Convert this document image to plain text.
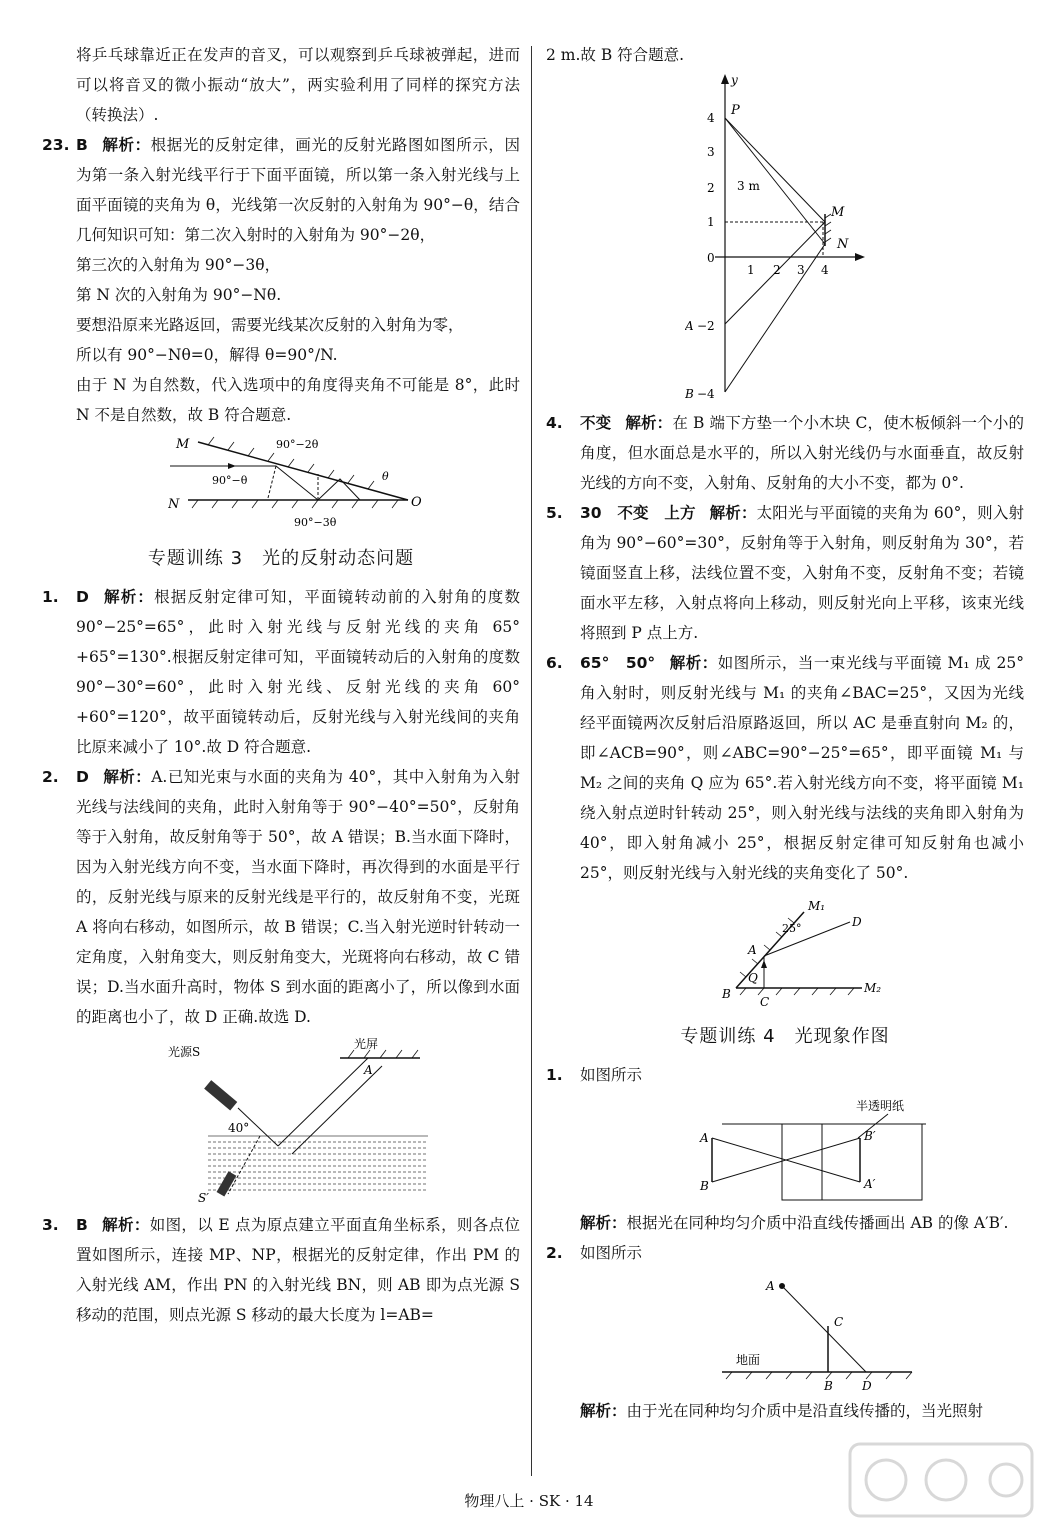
将乒乓球靠近正在发声的音叉，可以观察到乒乓球被弹起，进而可以将音叉的微小振动“放大”，两实验利用了同样的探究方法（转换法）.

23. B 解析：根据光的反射定律，画光的反射光路图如图所示，因为第一条入射光线平行于下面平面镜，所以第一条入射光线与上面平面镜的夹角为 θ，光线第一次反射的入射角为 90°−θ，结合几何知识可知：第二次入射时的入射角为 90°−2θ，
第三次的入射角为 90°−3θ，
第 N 次的入射角为 90°−Nθ.
要想沿原来光路返回，需要光线某次反射的入射角为零，
所以有 90°−Nθ=0，解得 θ=90°/N.
由于 N 为自然数，代入选项中的角度得夹角不可能是 8°，此时 N 不是自然数，故 B 符合题意.
M
N	O
90°−2θ
90°−θ	θ
90°−3θ
专题训练 3　光的反射动态问题
1.	D 解析：根据反射定律可知，平面镜转动前的入射角的度数 90°−25°=65°，此时入射光线与反射光线的夹角 65°+65°=130°.根据反射定律可知，平面镜转动后的入射角的度数 90°−30°=60°，此时入射光线、反射光线的夹角 60°+60°=120°，故平面镜转动后，反射光线与入射光线间的夹角比原来减小了 10°.故 D 符合题意.
2.	D 解析：A.已知光束与水面的夹角为 40°，其中入射角为入射光线与法线间的夹角，此时入射角等于 90°−40°=50°，反射角等于入射角，故反射角等于 50°，故 A 错误；B.当水面下降时，因为入射光线方向不变，当水面下降时，再次得到的水面是平行的，反射光线与原来的反射光线是平行的，故反射角不变，光斑 A 将向右移动，如图所示，故 B 错误；C.当入射光逆时针转动一定角度，入射角变大，则反射角变大，光斑将向右移动，故 C 错误；D.当水面升高时，物体 S 到水面的距离小了，所以像到水面的距离也小了，故 D 正确.故选 D.
光源S
光屏
A
40°
S′
3.	B 解析：如图，以 E 点为原点建立平面直角坐标系，则各点位置如图所示，连接 MP、NP，根据光的反射定律，作出 PM 的入射光线 AM，作出 PN 的入射光线 BN，则 AB 即为点光源 S 移动的范围，则点光源 S 移动的最大长度为 l=AB=

2 m.故 B 符合题意.

y
P
M
N
3 m
4
3
2
1
0
−2
A
−4
B
1 2 3 4
4.	不变 解析：在 B 端下方垫一个小木块 C，使木板倾斜一个小的角度，但水面总是水平的，所以入射光线仍与水面垂直，故反射光线的方向不变，入射角、反射角的大小不变，都为 0°.
5.	30　不变　上方 解析：太阳光与平面镜的夹角为 60°，则入射角为 90°−60°=30°，反射角等于入射角，则反射角为 30°，若镜面竖直上移，法线位置不变，入射角不变，反射角不变；若镜面水平左移，入射点将向上移动，则反射光向上平移，该束光线将照到 P 点上方.
6.	65°　50° 解析：如图所示，当一束光线与平面镜 M₁ 成 25°角入射时，则反射光线与 M₁ 的夹角∠BAC=25°，又因为光线经平面镜两次反射后沿原路返回，所以 AC 是垂直射向 M₂ 的，即∠ACB=90°，则∠ABC=90°−25°=65°，即平面镜 M₁ 与 M₂ 之间的夹角 Q 应为 65°.若入射光线方向不变，将平面镜 M₁ 绕入射点逆时针转动 25°，则入射光线与法线的夹角即入射角为 40°，即入射角减小 25°，根据反射定律可知反射角也减小 25°，则反射光线与入射光线的夹角变化了 50°.
M₁
D
25°
A
Q
B
C
M₂
专题训练 4　光现象作图
1.	如图所示
半透明纸
A
B
B′
A′
解析：根据光在同种均匀介质中沿直线传播画出 AB 的像 A′B′.
2.	如图所示
A
C
地面
B D
解析：由于光在同种均匀介质中是沿直线传播的，当光照射
物理八上 · SK · 14
